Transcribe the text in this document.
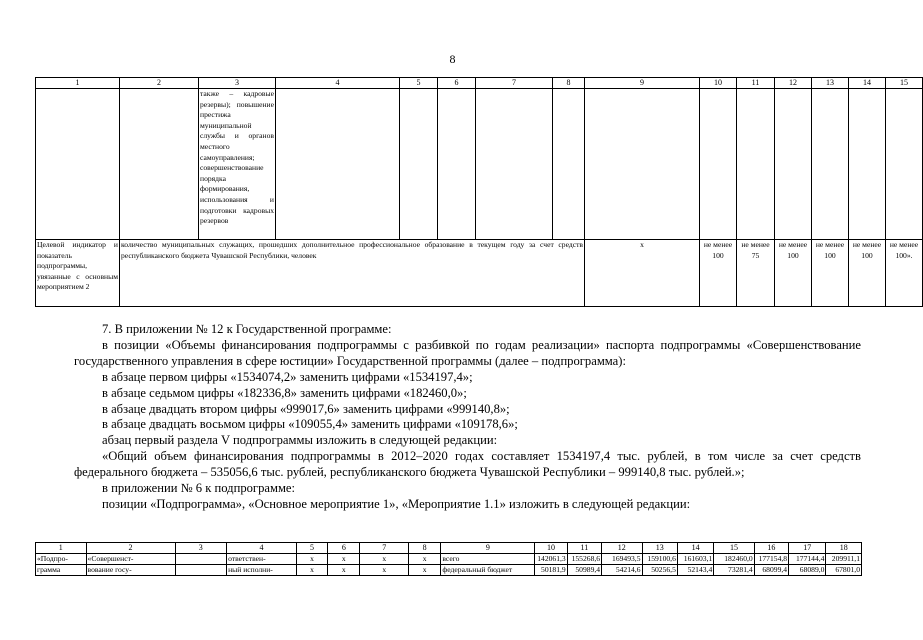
8
1	2	3	4	5	6	7	8	9	10	11	12	13	14	15
		также – кадровые резервы); повышение престижа муниципальной службы и органов местного самоуправления; совершенствование порядка формирования, использования и подготовки кадровых резервов												
Целевой индикатор и показатель подпрограммы, увязанные с основным мероприятием 2	количество муниципальных служащих, прошедших дополнительное профессиональное образование в текущем году за счет средств республиканского бюджета Чувашской Республики, человек							х	не менее 100	не менее 75	не менее 100	не менее 100	не менее 100	не менее 100».

7. В приложении № 12 к Государственной программе:

в позиции «Объемы финансирования подпрограммы с разбивкой по годам реализации» паспорта подпрограммы «Совершенствование государственного управления в сфере юстиции» Государственной программы (далее – подпрограмма):

в абзаце первом цифры «1534074,2» заменить цифрами «1534197,4»;

в абзаце седьмом цифры «182336,8» заменить цифрами «182460,0»;

в абзаце двадцать втором цифры «999017,6» заменить цифрами «999140,8»;

в абзаце двадцать восьмом цифры «109055,4» заменить цифрами «109178,6»;

абзац первый раздела V подпрограммы изложить в следующей редакции:

«Общий объем финансирования подпрограммы в 2012–2020 годах составляет 1534197,4 тыс. рублей, в том числе за счет средств федерального бюджета – 535056,6 тыс. рублей, республиканского бюджета Чувашской Республики – 999140,8 тыс. рублей.»;

в приложении № 6 к подпрограмме:

позиции «Подпрограмма», «Основное мероприятие 1», «Мероприятие 1.1» изложить в следующей редакции:

1	2	3	4	5	6	7	8	9	10	11	12	13	14	15	16	17	18
«Подпро-	«Совершенст-		ответствен-	х	х	х	х	всего	142061,3	155268,6	169493,5	159100,6	161603,1	182460,0	177154,8	177144,4	209911,1
грамма	вование госу-		ный исполни-	х	х	х	х	федеральный бюджет	50181,9	50989,4	54214,6	50256,5	52143,4	73281,4	68099,4	68089,0	67801,0
